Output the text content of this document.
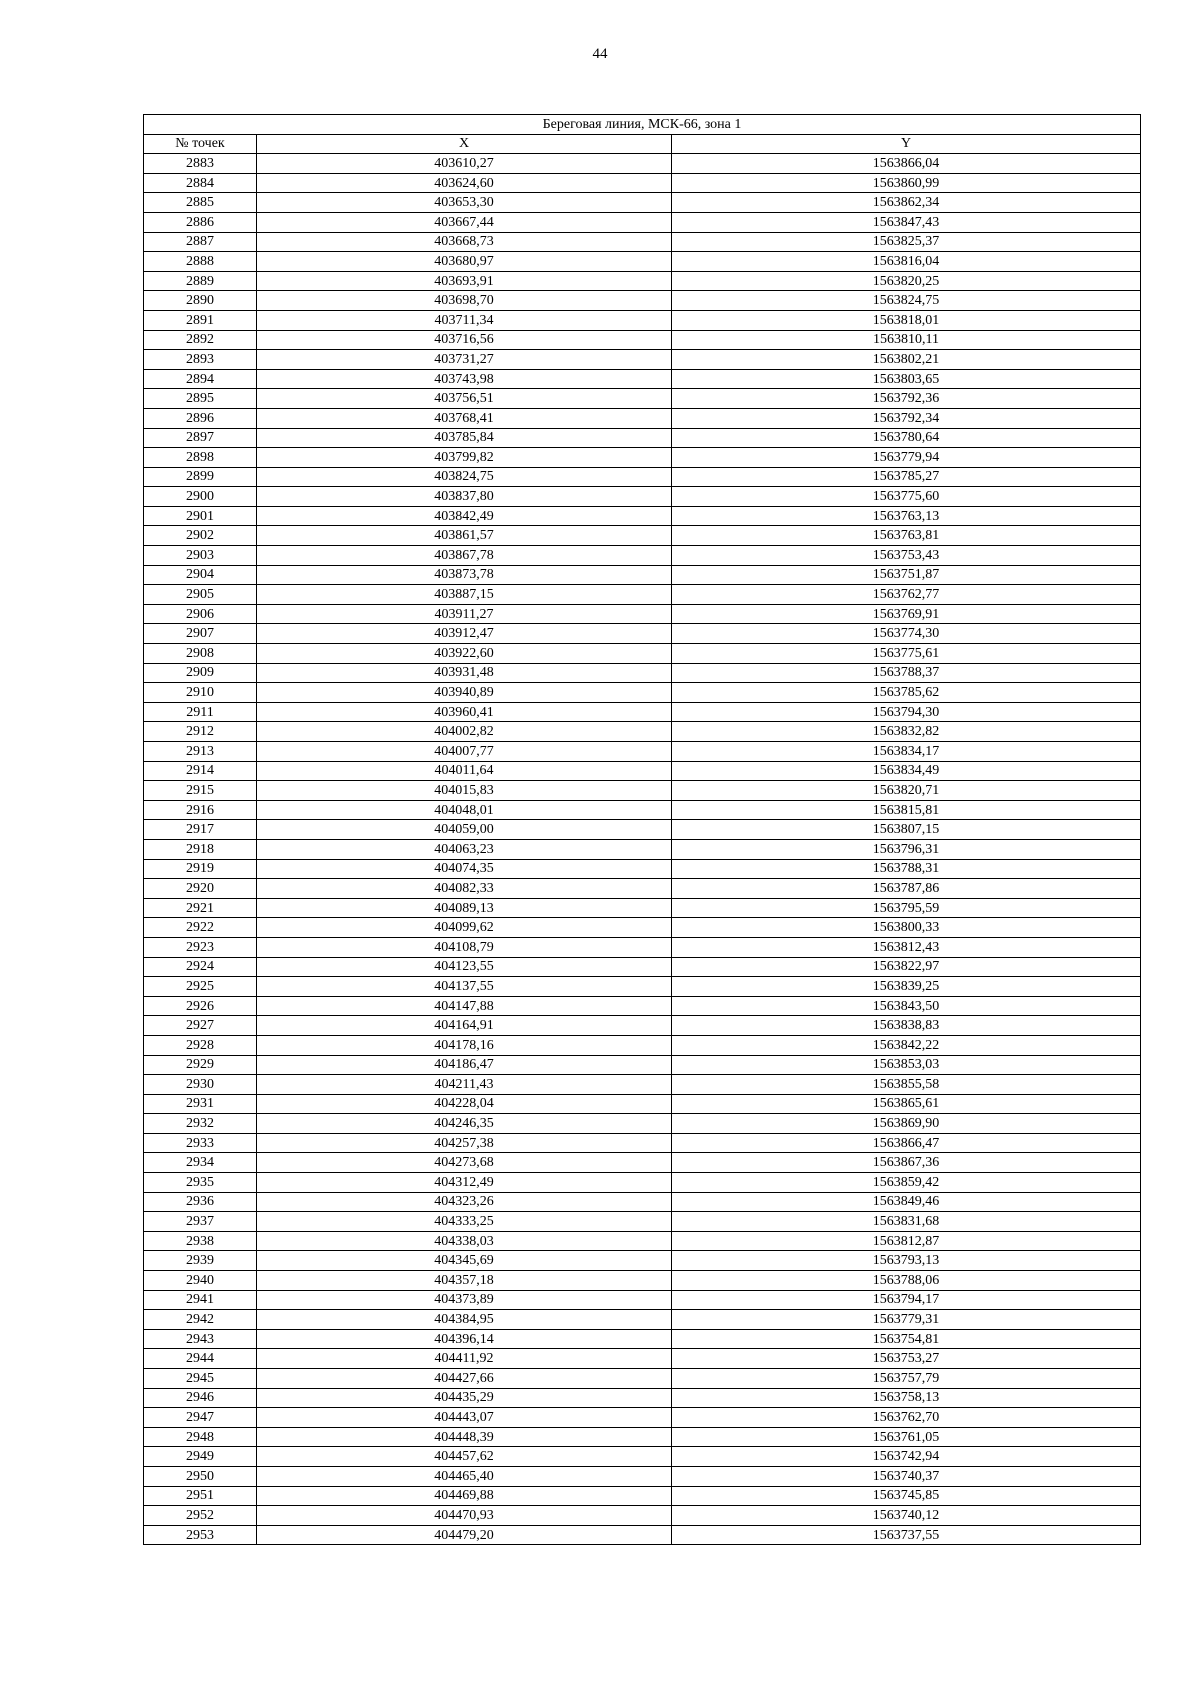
44
Береговая линия, МСК-66, зона 1		
№ точек	X	Y
2883	403610,27	1563866,04
2884	403624,60	1563860,99
2885	403653,30	1563862,34
2886	403667,44	1563847,43
2887	403668,73	1563825,37
2888	403680,97	1563816,04
2889	403693,91	1563820,25
2890	403698,70	1563824,75
2891	403711,34	1563818,01
2892	403716,56	1563810,11
2893	403731,27	1563802,21
2894	403743,98	1563803,65
2895	403756,51	1563792,36
2896	403768,41	1563792,34
2897	403785,84	1563780,64
2898	403799,82	1563779,94
2899	403824,75	1563785,27
2900	403837,80	1563775,60
2901	403842,49	1563763,13
2902	403861,57	1563763,81
2903	403867,78	1563753,43
2904	403873,78	1563751,87
2905	403887,15	1563762,77
2906	403911,27	1563769,91
2907	403912,47	1563774,30
2908	403922,60	1563775,61
2909	403931,48	1563788,37
2910	403940,89	1563785,62
2911	403960,41	1563794,30
2912	404002,82	1563832,82
2913	404007,77	1563834,17
2914	404011,64	1563834,49
2915	404015,83	1563820,71
2916	404048,01	1563815,81
2917	404059,00	1563807,15
2918	404063,23	1563796,31
2919	404074,35	1563788,31
2920	404082,33	1563787,86
2921	404089,13	1563795,59
2922	404099,62	1563800,33
2923	404108,79	1563812,43
2924	404123,55	1563822,97
2925	404137,55	1563839,25
2926	404147,88	1563843,50
2927	404164,91	1563838,83
2928	404178,16	1563842,22
2929	404186,47	1563853,03
2930	404211,43	1563855,58
2931	404228,04	1563865,61
2932	404246,35	1563869,90
2933	404257,38	1563866,47
2934	404273,68	1563867,36
2935	404312,49	1563859,42
2936	404323,26	1563849,46
2937	404333,25	1563831,68
2938	404338,03	1563812,87
2939	404345,69	1563793,13
2940	404357,18	1563788,06
2941	404373,89	1563794,17
2942	404384,95	1563779,31
2943	404396,14	1563754,81
2944	404411,92	1563753,27
2945	404427,66	1563757,79
2946	404435,29	1563758,13
2947	404443,07	1563762,70
2948	404448,39	1563761,05
2949	404457,62	1563742,94
2950	404465,40	1563740,37
2951	404469,88	1563745,85
2952	404470,93	1563740,12
2953	404479,20	1563737,55
